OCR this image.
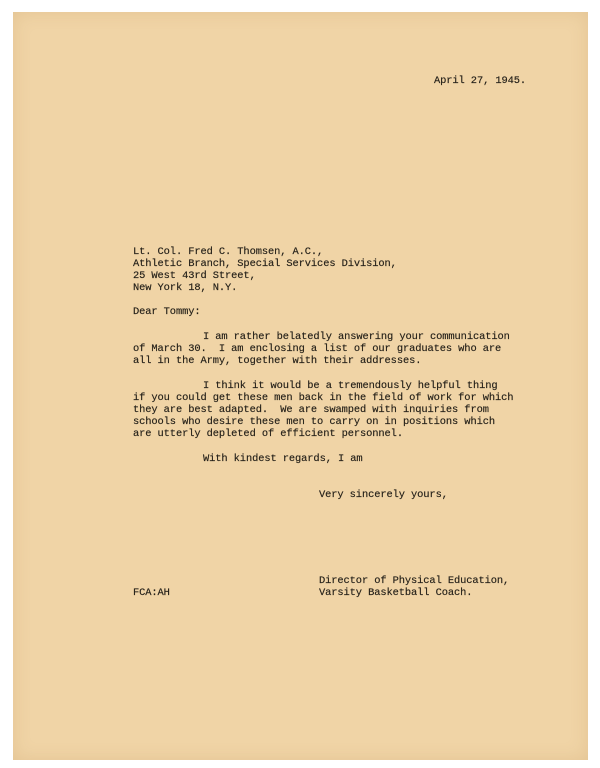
April 27, 1945.

Lt. Col. Fred C. Thomsen, A.C.,

Athletic Branch, Special Services Division,

25 West 43rd Street,

New York 18, N.Y.

Dear Tommy:

I am rather belatedly answering your communication

of March 30.  I am enclosing a list of our graduates who are

all in the Army, together with their addresses.

I think it would be a tremendously helpful thing

if you could get these men back in the field of work for which

they are best adapted.  We are swamped with inquiries from

schools who desire these men to carry on in positions which

are utterly depleted of efficient personnel.

With kindest regards, I am

Very sincerely yours,

Director of Physical Education,

Varsity Basketball Coach.

FCA:AH
